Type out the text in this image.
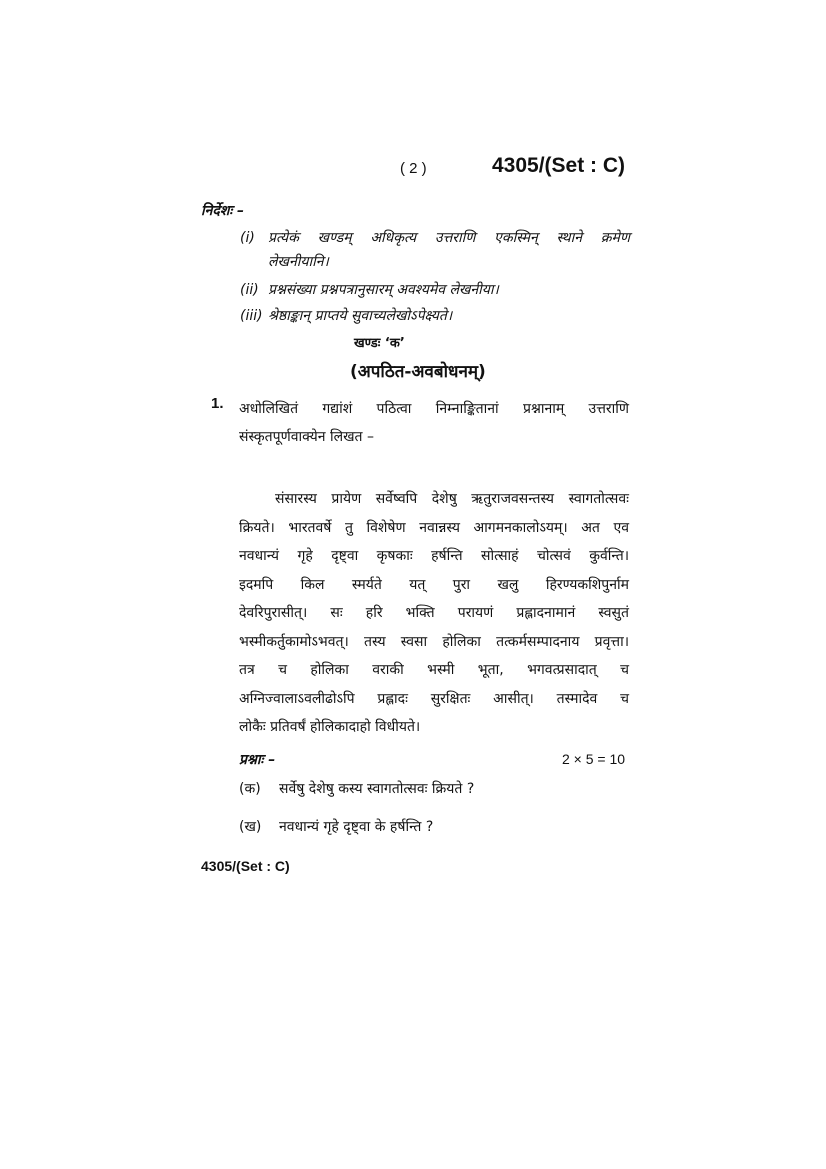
( 2 )	4305/(Set : C)
निर्देशः –
(i) प्रत्येकं खण्डम् अधिकृत्य उत्तराणि एकस्मिन् स्थाने क्रमेण
लेखनीयानि।
(ii) प्रश्नसंख्या प्रश्नपत्रानुसारम् अवश्यमेव लेखनीया।
(iii) श्रेष्ठाङ्कान् प्राप्तये सुवाच्यलेखोऽपेक्ष्यते।
खण्डः ‘क’
(अपठित-अवबोधनम्)
1. अधोलिखितं गद्यांशं पठित्वा निम्नाङ्कितानां प्रश्नानाम् उत्तराणि
संस्कृतपूर्णवाक्येन लिखत –
संसारस्य प्रायेण सर्वेष्वपि देशेषु ऋतुराजवसन्तस्य स्वागतोत्सवः
क्रियते। भारतवर्षे तु विशेषेण नवान्नस्य आगमनकालोऽयम्। अत एव
नवधान्यं गृहे दृष्ट्वा कृषकाः हर्षन्ति सोत्साहं चोत्सवं कुर्वन्ति।
इदमपि किल स्मर्यते यत् पुरा खलु हिरण्यकशिपुर्नाम
देवरिपुरासीत्। सः हरि भक्ति परायणं प्रह्लादनामानं स्वसुतं
भस्मीकर्तुकामोऽभवत्। तस्य स्वसा होलिका तत्कर्मसम्पादनाय प्रवृत्ता।
तत्र च होलिका वराकी भस्मी भूता, भगवत्प्रसादात् च
अग्निज्वालाऽवलीढोऽपि प्रह्लादः सुरक्षितः आसीत्। तस्मादेव च
लोकैः प्रतिवर्षं होलिकादाहो विधीयते।
प्रश्नाः –	2 × 5 = 10
(क) सर्वेषु देशेषु कस्य स्वागतोत्सवः क्रियते ?
(ख) नवधान्यं गृहे दृष्ट्वा के हर्षन्ति ?
4305/(Set : C)
